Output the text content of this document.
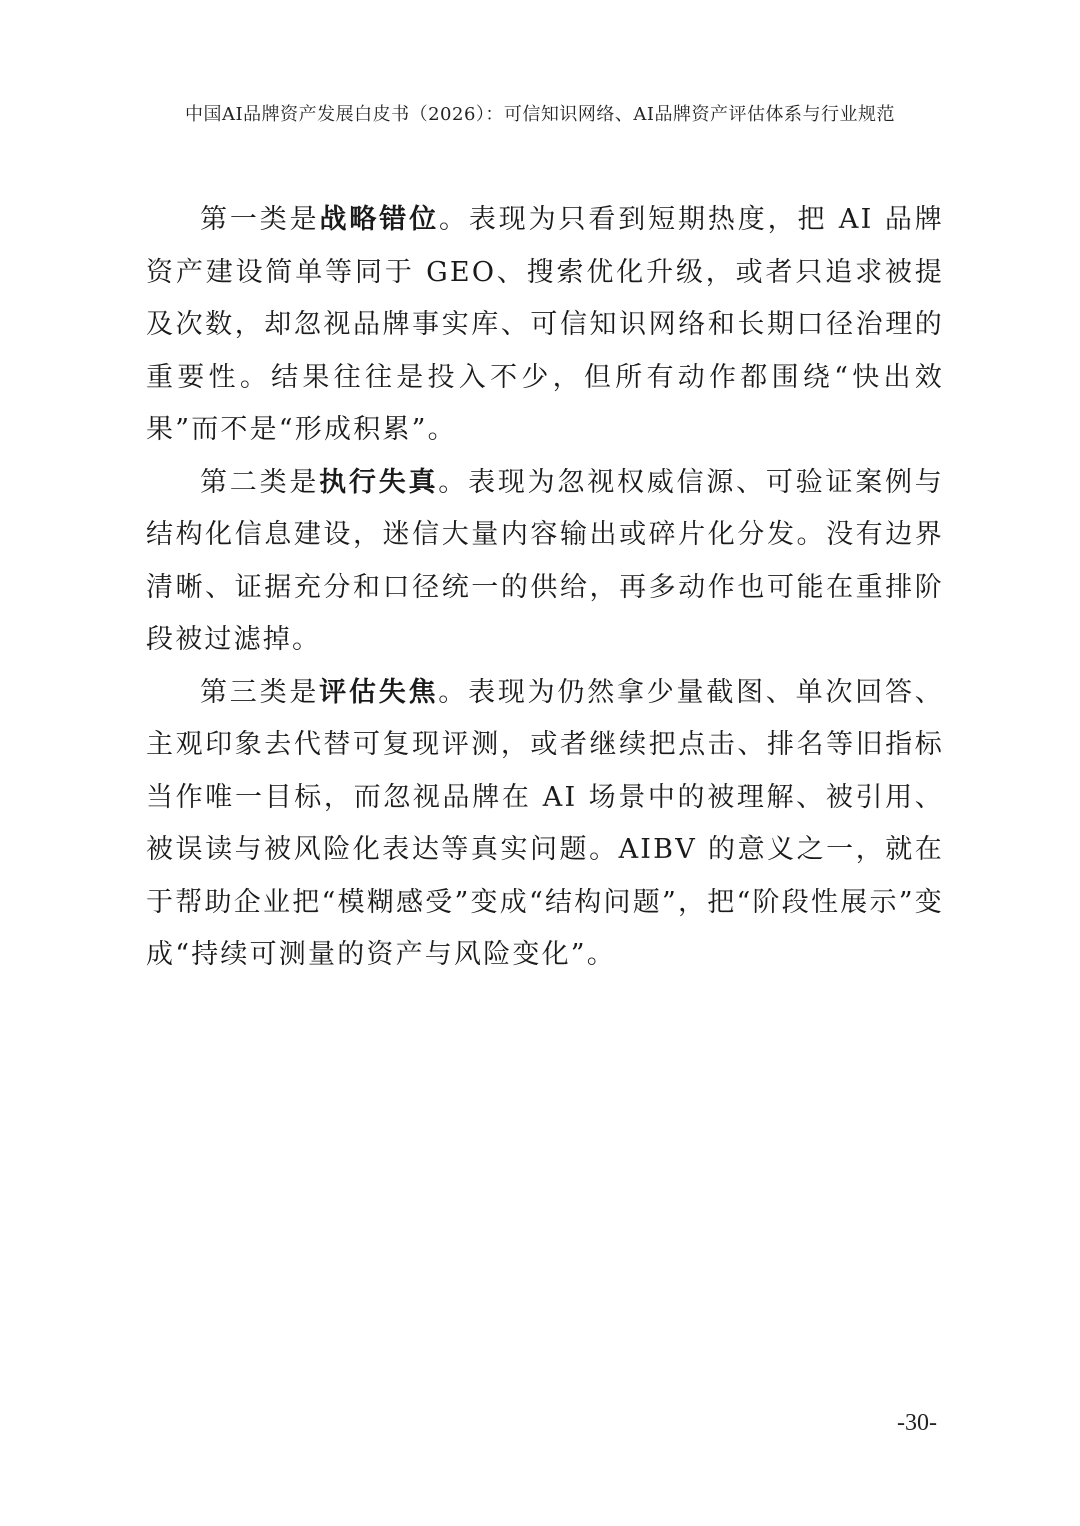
中国AI品牌资产发展白皮书（2026）：可信知识网络、AI品牌资产评估体系与行业规范

第一类是战略错位。表现为只看到短期热度，把 AI 品牌资产建设简单等同于 GEO、搜索优化升级，或者只追求被提及次数，却忽视品牌事实库、可信知识网络和长期口径治理的重要性。结果往往是投入不少，但所有动作都围绕“快出效果”而不是“形成积累”。

第二类是执行失真。表现为忽视权威信源、可验证案例与结构化信息建设，迷信大量内容输出或碎片化分发。没有边界清晰、证据充分和口径统一的供给，再多动作也可能在重排阶段被过滤掉。

第三类是评估失焦。表现为仍然拿少量截图、单次回答、主观印象去代替可复现评测，或者继续把点击、排名等旧指标当作唯一目标，而忽视品牌在 AI 场景中的被理解、被引用、被误读与被风险化表达等真实问题。AIBV 的意义之一，就在于帮助企业把“模糊感受”变成“结构问题”，把“阶段性展示”变成“持续可测量的资产与风险变化”。

-30-
